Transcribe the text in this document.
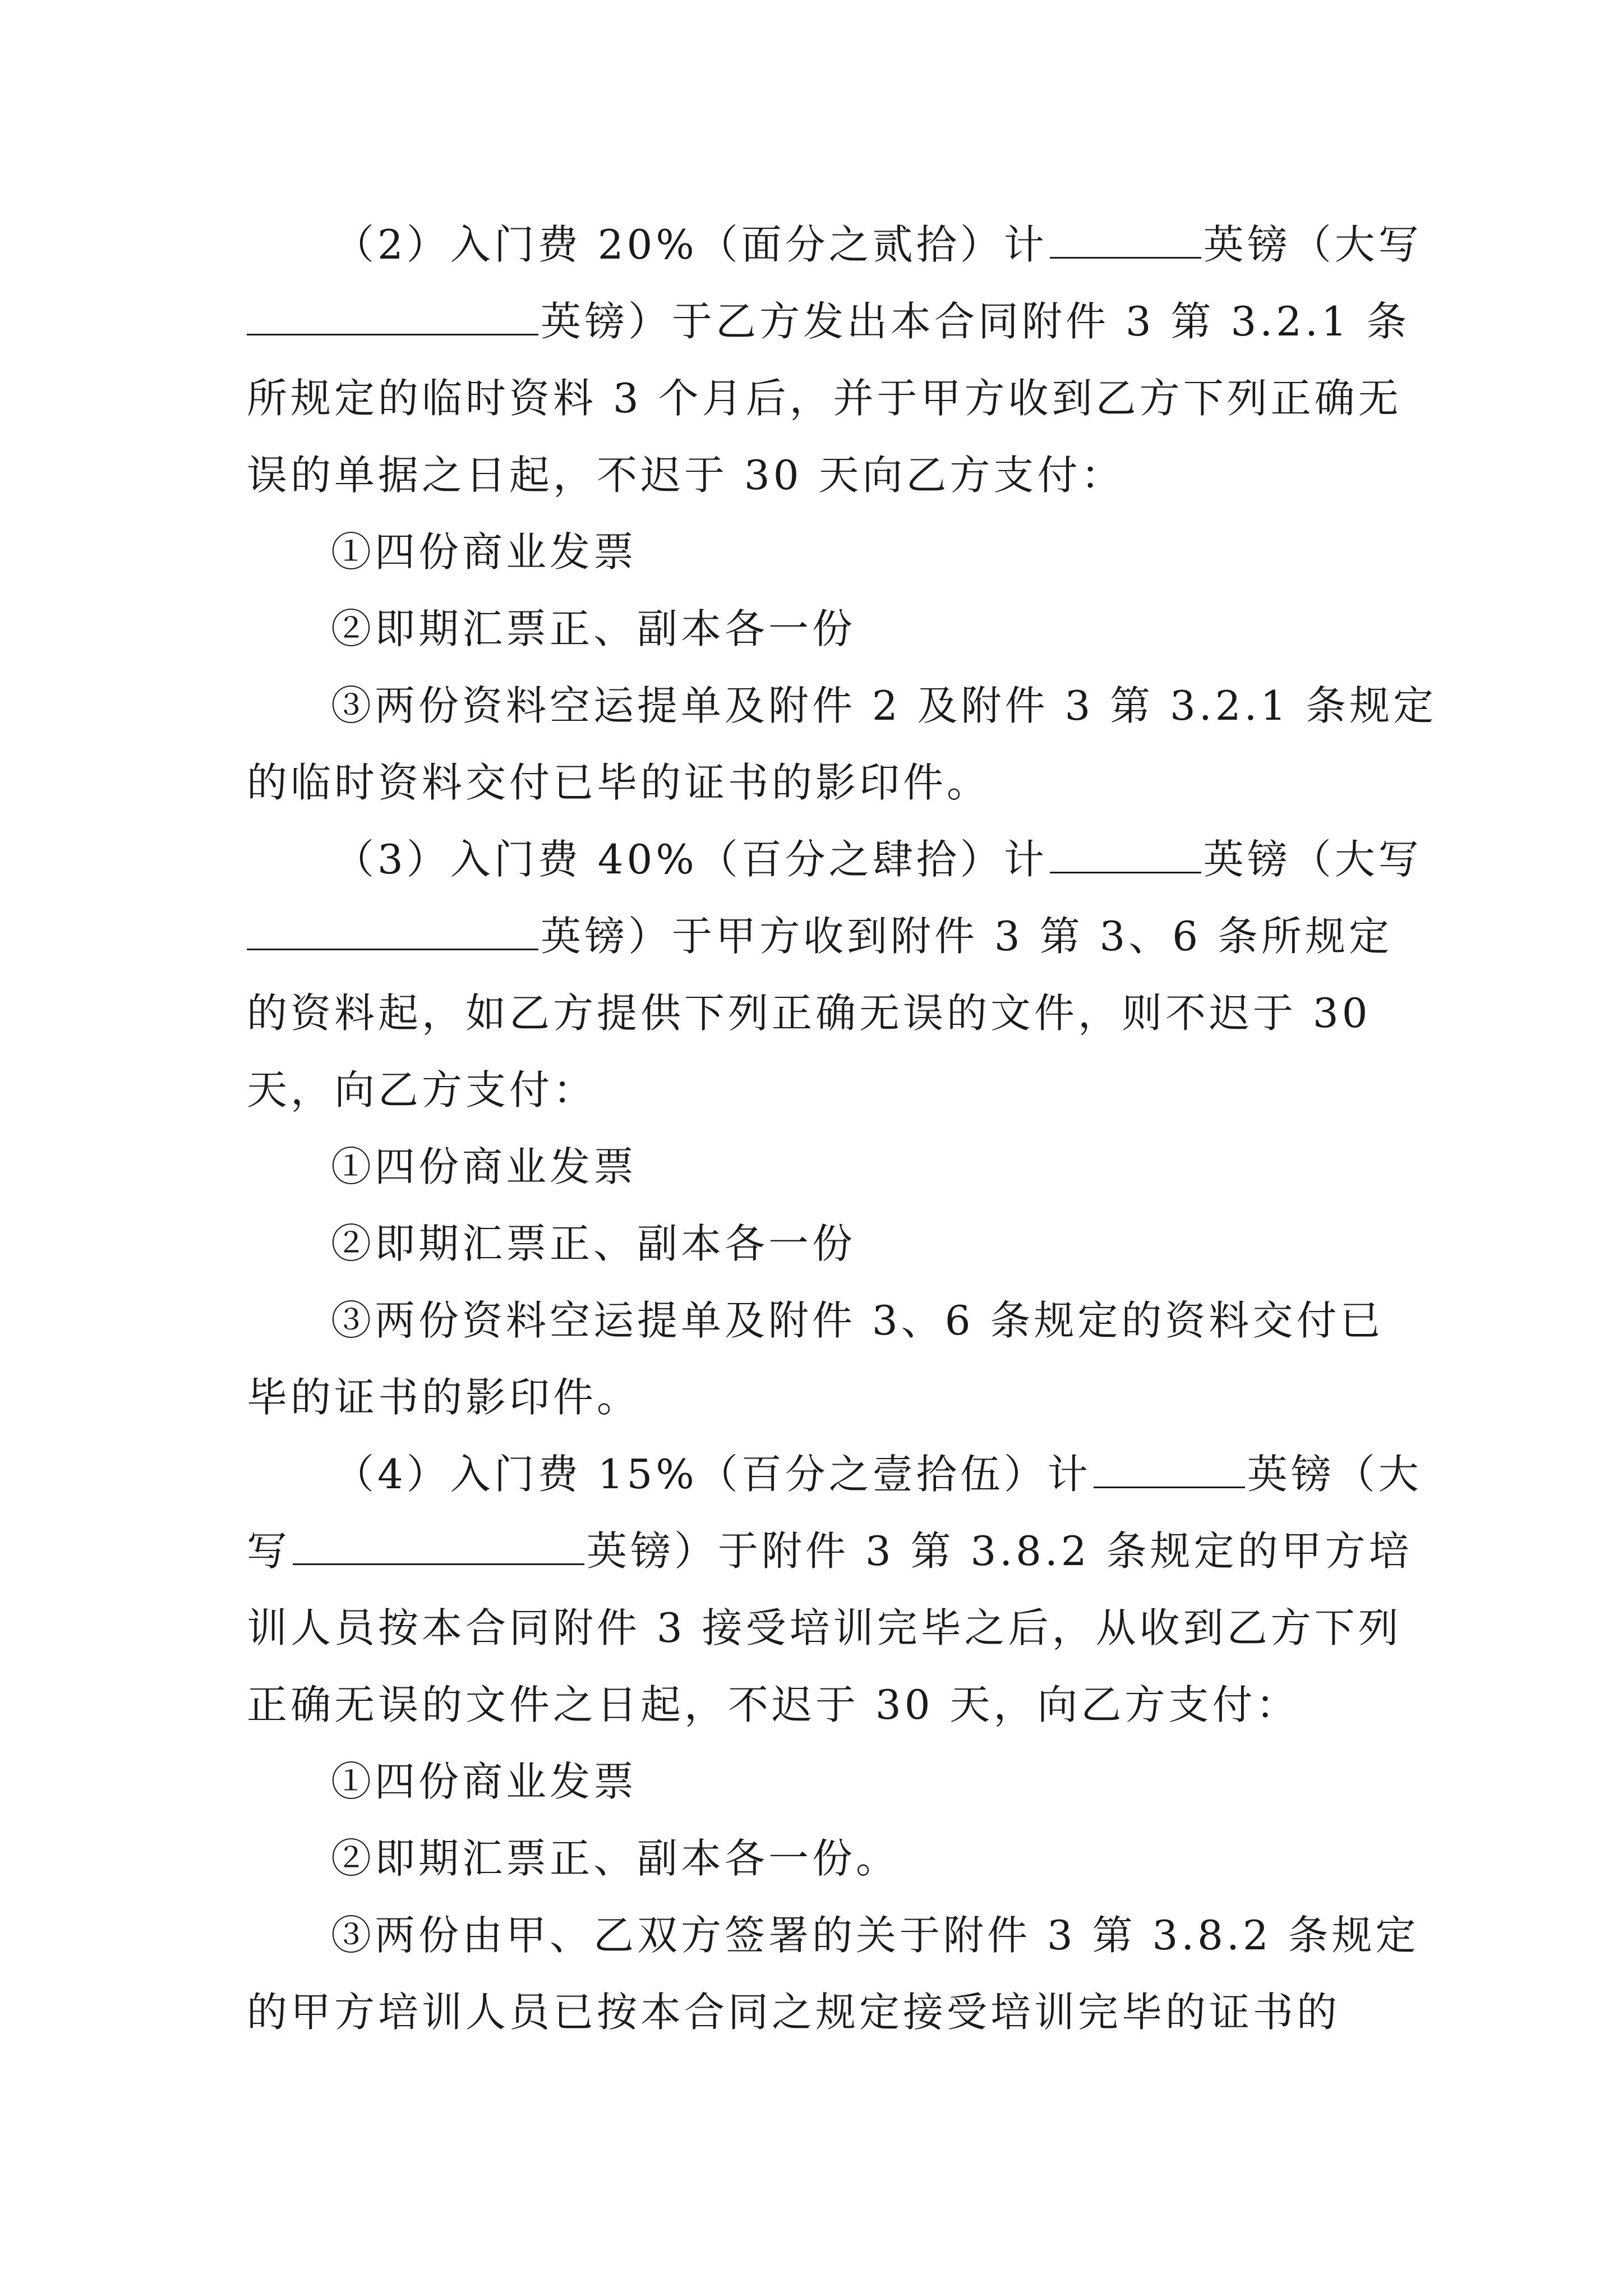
（2）入门费 20%（面分之贰拾）计	英镑（大写
英镑）于乙方发出本合同附件 3 第 3.2.1 条
所规定的临时资料 3 个月后，并于甲方收到乙方下列正确无
误的单据之日起，不迟于 30 天向乙方支付：
①四份商业发票
②即期汇票正、副本各一份
③两份资料空运提单及附件 2 及附件 3 第 3.2.1 条规定
的临时资料交付已毕的证书的影印件。
（3）入门费 40%（百分之肆拾）计	英镑（大写
英镑）于甲方收到附件 3 第 3、6 条所规定
的资料起，如乙方提供下列正确无误的文件，则不迟于 30
天，向乙方支付：
①四份商业发票
②即期汇票正、副本各一份
③两份资料空运提单及附件 3、6 条规定的资料交付已
毕的证书的影印件。
（4）入门费 15%（百分之壹拾伍）计	英镑（大
写	英镑）于附件 3 第 3.8.2 条规定的甲方培
训人员按本合同附件 3 接受培训完毕之后，从收到乙方下列
正确无误的文件之日起，不迟于 30 天，向乙方支付：
①四份商业发票
②即期汇票正、副本各一份。
③两份由甲、乙双方签署的关于附件 3 第 3.8.2 条规定
的甲方培训人员已按本合同之规定接受培训完毕的证书的
